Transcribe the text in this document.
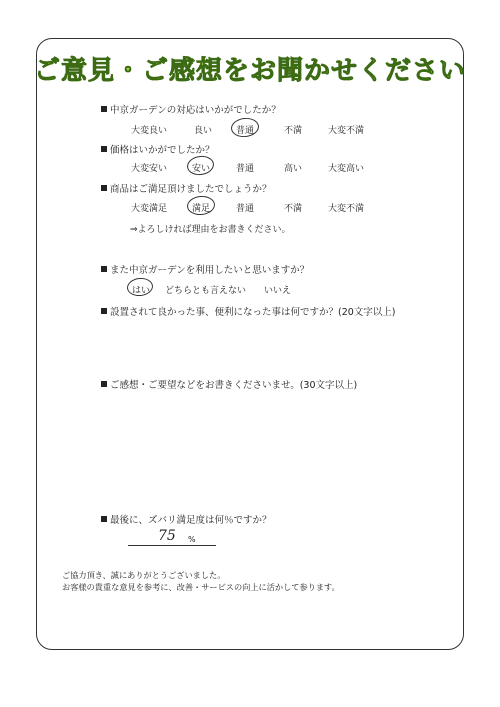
ご意見・ご感想をお聞かせください
中京ガーデンの対応はいかがでしたか？
大変良い	良い	普通	不満	大変不満
価格はいかがでしたか？
大変安い	安い	普通	高い	大変高い
商品はご満足頂けましたでしょうか？
大変満足	満足	普通	不満	大変不満
⇒よろしければ理由をお書きください。
また中京ガーデンを利用したいと思いますか？
はい どちらとも言えない いいえ
設置されて良かった事、便利になった事は何ですか？(20文字以上)
ご感想・ご要望などをお書きくださいませ。(30文字以上)
最後に、ズバリ満足度は何％ですか？
75 %
ご協力頂き、誠にありがとうございました。
お客様の貴重な意見を参考に、改善・サービスの向上に活かして参ります。
